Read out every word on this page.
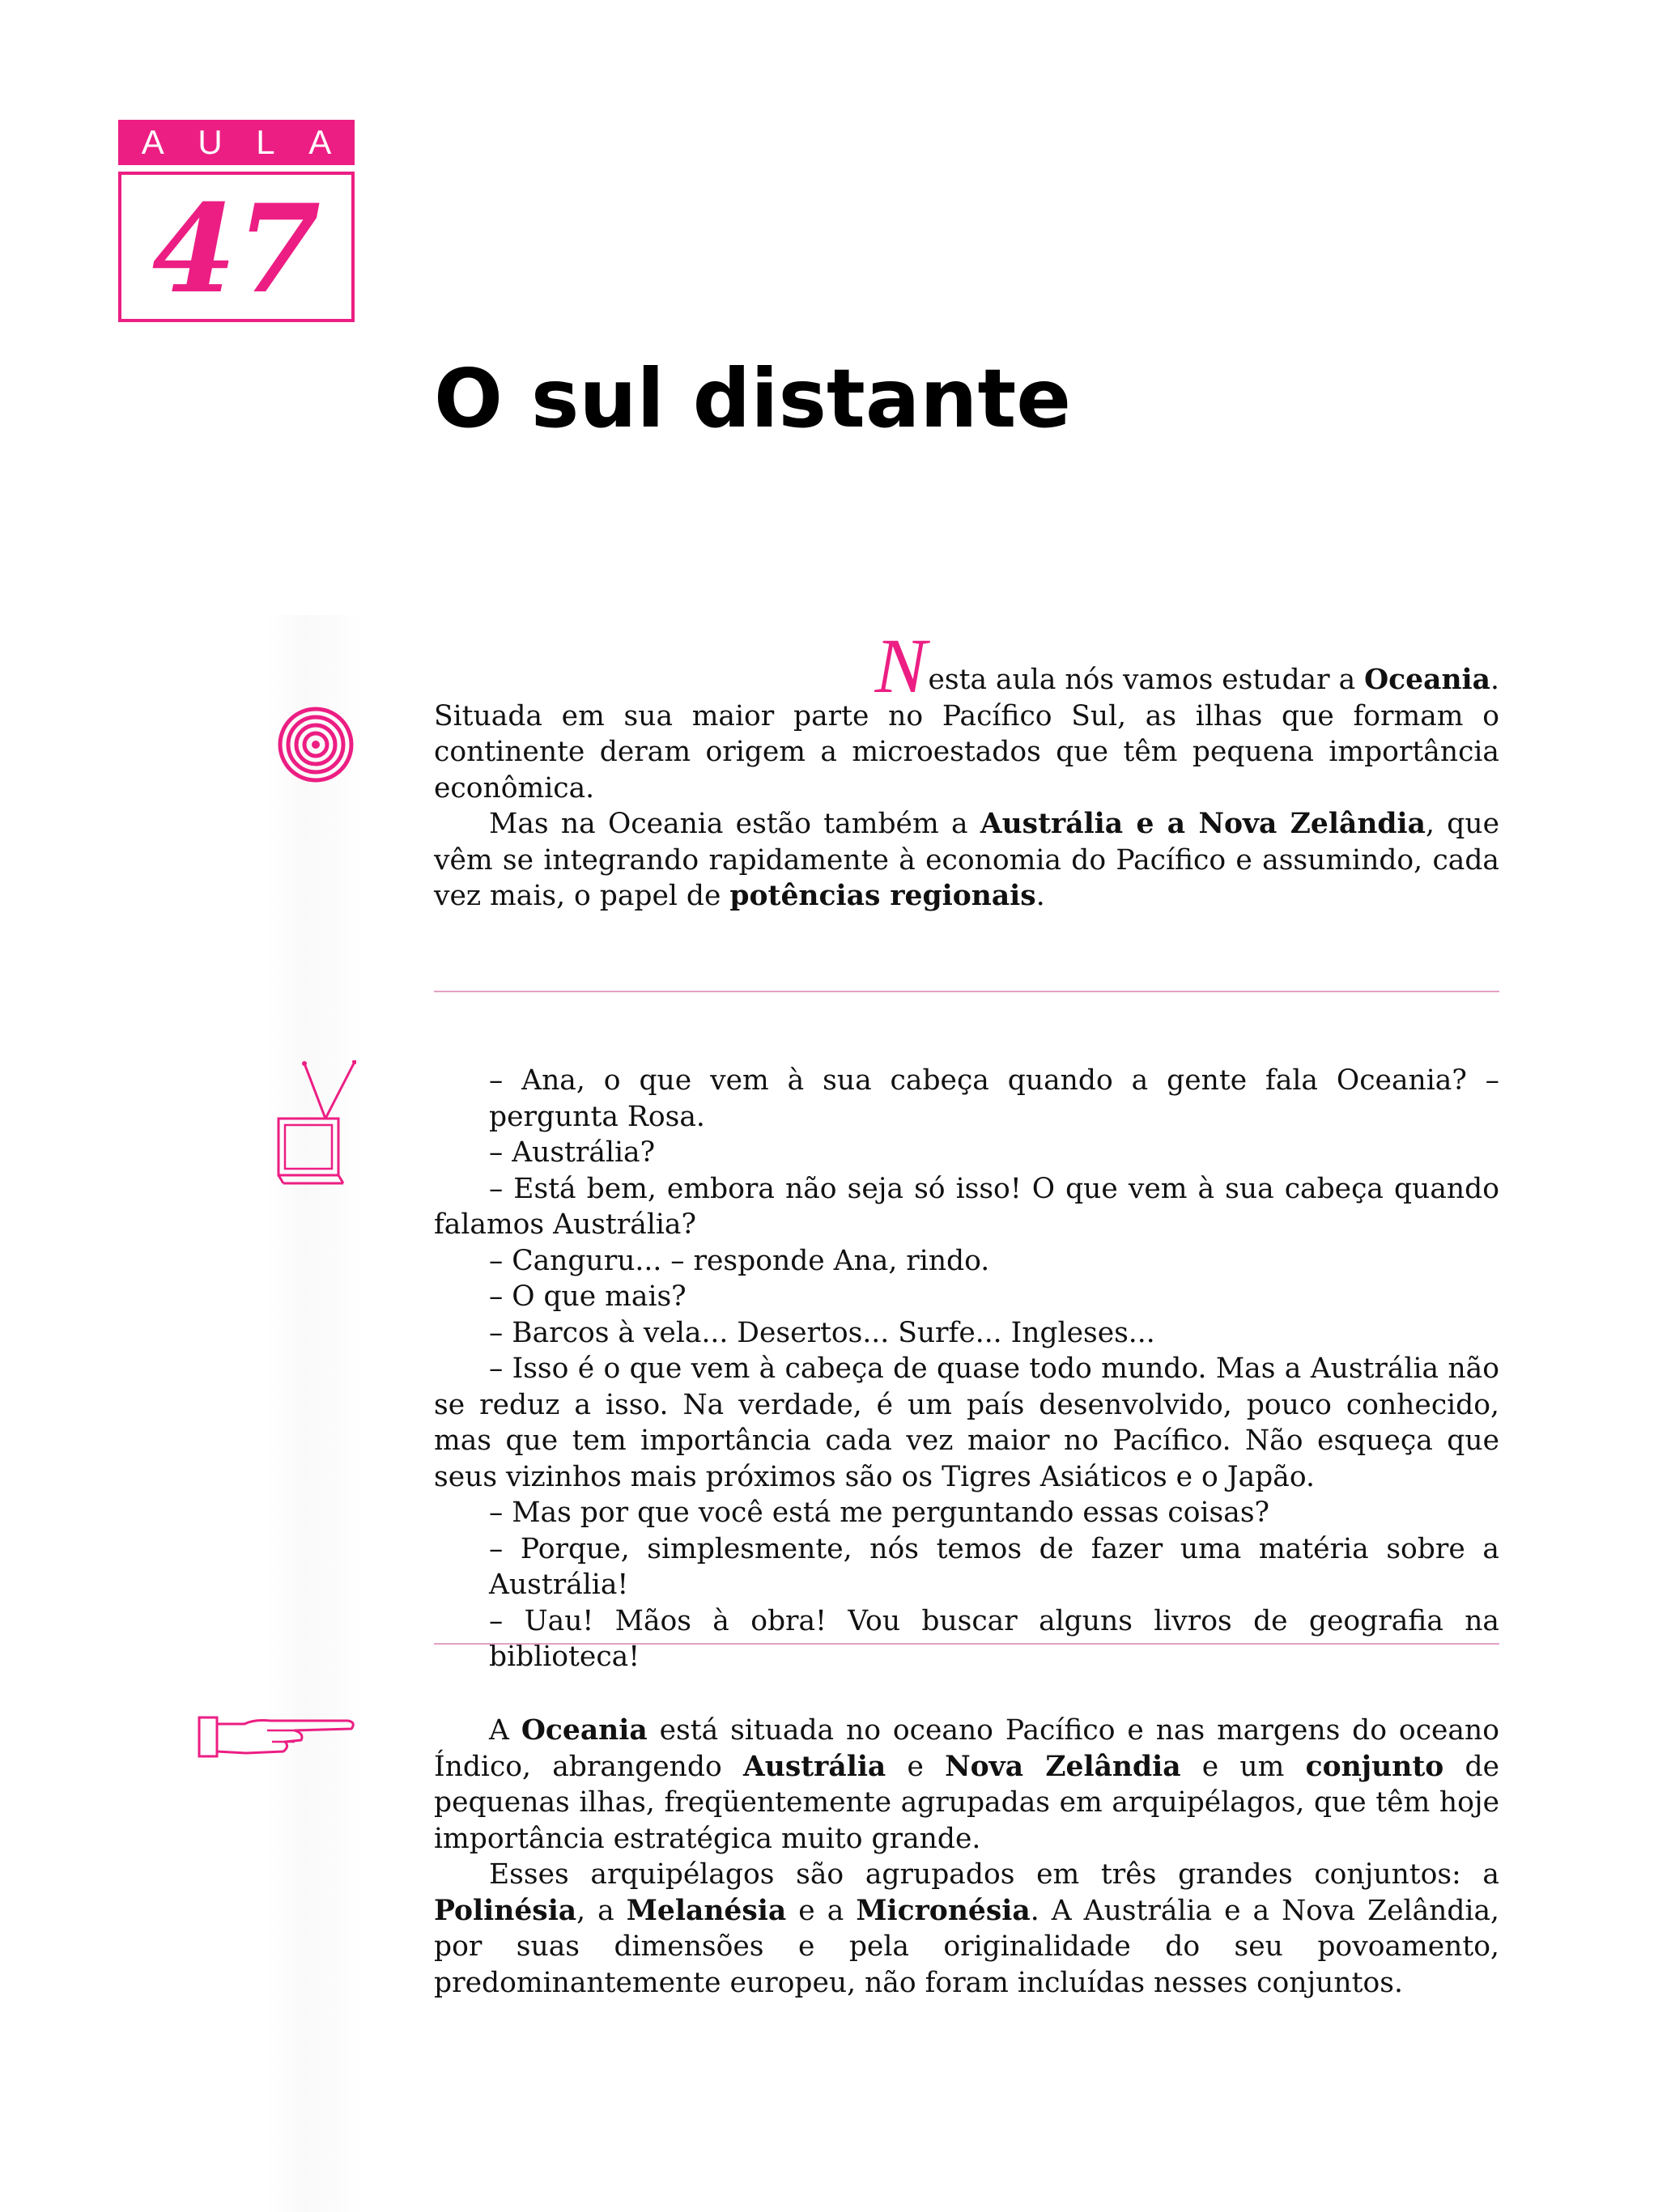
A U L A
47
O sul distante

Nesta aula nós vamos estudar a Oceania.

Situada em sua maior parte no Pacífico Sul, as ilhas que formam o continente deram origem a microestados que têm pequena importância econômica.

Mas na Oceania estão também a Austrália e a Nova Zelândia, que vêm se integrando rapidamente à economia do Pacífico e assumindo, cada vez mais, o papel de potências regionais.

– Ana, o que vem à sua cabeça quando a gente fala Oceania? – pergunta Rosa.

– Austrália?

– Está bem, embora não seja só isso! O que vem à sua cabeça quando falamos Austrália?

– Canguru... – responde Ana, rindo.

– O que mais?

– Barcos à vela... Desertos... Surfe... Ingleses...

– Isso é o que vem à cabeça de quase todo mundo. Mas a Austrália não se reduz a isso. Na verdade, é um país desenvolvido, pouco conhecido, mas que tem importância cada vez maior no Pacífico. Não esqueça que seus vizinhos mais próximos são os Tigres Asiáticos e o Japão.

– Mas por que você está me perguntando essas coisas?

– Porque, simplesmente, nós temos de fazer uma matéria sobre a Austrália!

– Uau! Mãos à obra! Vou buscar alguns livros de geografia na biblioteca!

A Oceania está situada no oceano Pacífico e nas margens do oceano Índico, abrangendo Austrália e Nova Zelândia e um conjunto de pequenas ilhas, freqüentemente agrupadas em arquipélagos, que têm hoje importância estratégica muito grande.

Esses arquipélagos são agrupados em três grandes conjuntos: a Polinésia, a Melanésia e a Micronésia. A Austrália e a Nova Zelândia, por suas dimensões e pela originalidade do seu povoamento, predominantemente europeu, não foram incluídas nesses conjuntos.
